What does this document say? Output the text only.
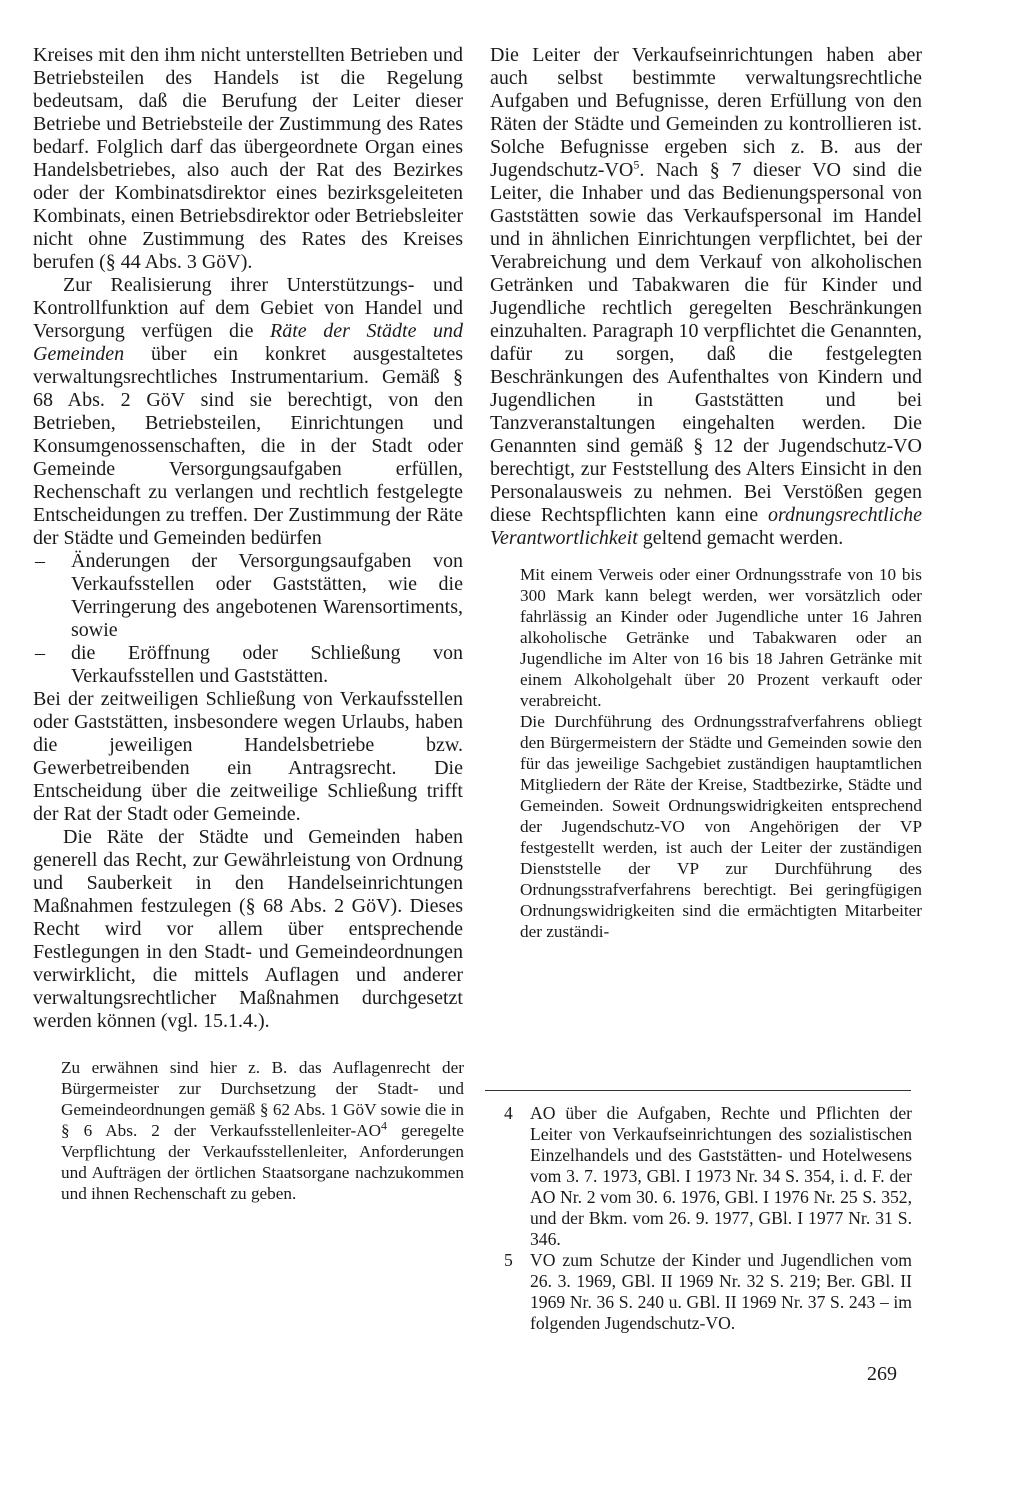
Kreises mit den ihm nicht unterstellten Betrieben und Betriebsteilen des Handels ist die Regelung bedeutsam, daß die Berufung der Leiter dieser Betriebe und Betriebsteile der Zustimmung des Rates bedarf. Folglich darf das übergeordnete Organ eines Handelsbetriebes, also auch der Rat des Bezirkes oder der Kombinatsdirektor eines bezirksgeleiteten Kombinats, einen Betriebsdirektor oder Betriebsleiter nicht ohne Zustimmung des Rates des Kreises berufen (§ 44 Abs. 3 GöV).

Zur Realisierung ihrer Unterstützungs- und Kontrollfunktion auf dem Gebiet von Handel und Versorgung verfügen die Räte der Städte und Gemeinden über ein konkret ausgestaltetes verwaltungsrechtliches Instrumentarium. Gemäß § 68 Abs. 2 GöV sind sie berechtigt, von den Betrieben, Betriebsteilen, Einrichtungen und Konsumgenossenschaften, die in der Stadt oder Gemeinde Versorgungsaufgaben erfüllen, Rechenschaft zu verlangen und rechtlich festgelegte Entscheidungen zu treffen. Der Zustimmung der Räte der Städte und Gemeinden bedürfen

– Änderungen der Versorgungsaufgaben von Verkaufsstellen oder Gaststätten, wie die Verringerung des angebotenen Warensortiments, sowie
– die Eröffnung oder Schließung von Verkaufsstellen und Gaststätten.

Bei der zeitweiligen Schließung von Verkaufsstellen oder Gaststätten, insbesondere wegen Urlaubs, haben die jeweiligen Handelsbetriebe bzw. Gewerbetreibenden ein Antragsrecht. Die Entscheidung über die zeitweilige Schließung trifft der Rat der Stadt oder Gemeinde.

Die Räte der Städte und Gemeinden haben generell das Recht, zur Gewährleistung von Ordnung und Sauberkeit in den Handelseinrichtungen Maßnahmen festzulegen (§ 68 Abs. 2 GöV). Dieses Recht wird vor allem über entsprechende Festlegungen in den Stadt- und Gemeindeordnungen verwirklicht, die mittels Auflagen und anderer verwaltungsrechtlicher Maßnahmen durchgesetzt werden können (vgl. 15.1.4.).

Zu erwähnen sind hier z. B. das Auflagenrecht der Bürgermeister zur Durchsetzung der Stadt- und Gemeindeordnungen gemäß § 62 Abs. 1 GöV sowie die in § 6 Abs. 2 der Verkaufsstellenleiter-$AO^4$ geregelte Verpflichtung der Verkaufsstellenleiter, Anforderungen und Aufträgen der örtlichen Staatsorgane nachzukommen und ihnen Rechenschaft zu geben.

Die Leiter der Verkaufseinrichtungen haben aber auch selbst bestimmte verwaltungsrechtliche Aufgaben und Befugnisse, deren Erfüllung von den Räten der Städte und Gemeinden zu kontrollieren ist. Solche Befugnisse ergeben sich z. B. aus der Jugendschutz-$VO^5$. Nach § 7 dieser VO sind die Leiter, die Inhaber und das Bedienungspersonal von Gaststätten sowie das Verkaufspersonal im Handel und in ähnlichen Einrichtungen verpflichtet, bei der Verabreichung und dem Verkauf von alkoholischen Getränken und Tabakwaren die für Kinder und Jugendliche rechtlich geregelten Beschränkungen einzuhalten. Paragraph 10 verpflichtet die Genannten, dafür zu sorgen, daß die festgelegten Beschränkungen des Aufenthaltes von Kindern und Jugendlichen in Gaststätten und bei Tanzveranstaltungen eingehalten werden. Die Genannten sind gemäß § 12 der Jugendschutz-VO berechtigt, zur Feststellung des Alters Einsicht in den Personalausweis zu nehmen. Bei Verstößen gegen diese Rechtspflichten kann eine ordnungsrechtliche Verantwortlichkeit geltend gemacht werden.

Mit einem Verweis oder einer Ordnungsstrafe von 10 bis 300 Mark kann belegt werden, wer vorsätzlich oder fahrlässig an Kinder oder Jugendliche unter 16 Jahren alkoholische Getränke und Tabakwaren oder an Jugendliche im Alter von 16 bis 18 Jahren Getränke mit einem Alkoholgehalt über 20 Prozent verkauft oder verabreicht.

Die Durchführung des Ordnungsstrafverfahrens obliegt den Bürgermeistern der Städte und Gemeinden sowie den für das jeweilige Sachgebiet zuständigen hauptamtlichen Mitgliedern der Räte der Kreise, Stadtbezirke, Städte und Gemeinden. Soweit Ordnungswidrigkeiten entsprechend der Jugendschutz-VO von Angehörigen der VP festgestellt werden, ist auch der Leiter der zuständigen Dienststelle der VP zur Durchführung des Ordnungsstrafverfahrens berechtigt. Bei geringfügigen Ordnungswidrigkeiten sind die ermächtigten Mitarbeiter der zuständi-

4 AO über die Aufgaben, Rechte und Pflichten der Leiter von Verkaufseinrichtungen des sozialistischen Einzelhandels und des Gaststätten- und Hotelwesens vom 3. 7. 1973, GBl. I 1973 Nr. 34 S. 354, i. d. F. der AO Nr. 2 vom 30. 6. 1976, GBl. I 1976 Nr. 25 S. 352, und der Bkm. vom 26. 9. 1977, GBl. I 1977 Nr. 31 S. 346.

5 VO zum Schutze der Kinder und Jugendlichen vom 26. 3. 1969, GBl. II 1969 Nr. 32 S. 219; Ber. GBl. II 1969 Nr. 36 S. 240 u. GBl. II 1969 Nr. 37 S. 243 – im folgenden Jugendschutz-VO.

269
